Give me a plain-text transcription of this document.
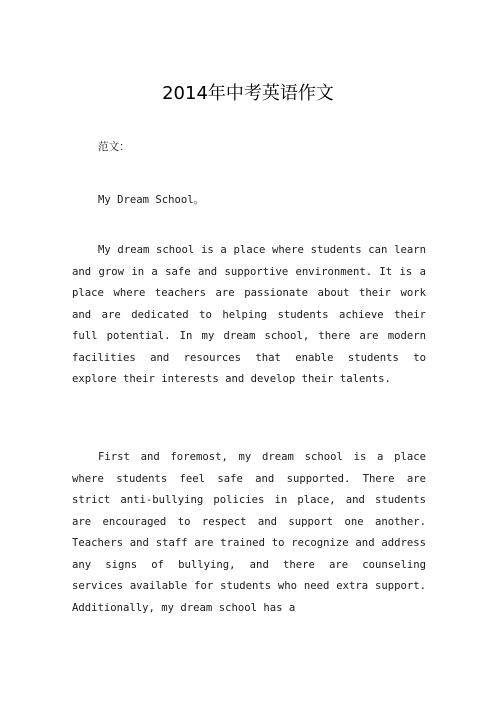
2014年中考英语作文

范文：

My Dream School。

My dream school is a place where students can learn and grow in a safe and supportive environment. It is a place where teachers are passionate about their work and are dedicated to helping students achieve their full potential. In my dream school, there are modern facilities and resources that enable students to explore their interests and develop their talents.

First and foremost, my dream school is a place where students feel safe and supported. There are strict anti-bullying policies in place, and students are encouraged to respect and support one another. Teachers and staff are trained to recognize and address any signs of bullying, and there are counseling services available for students who need extra support. Additionally, my dream school has a
